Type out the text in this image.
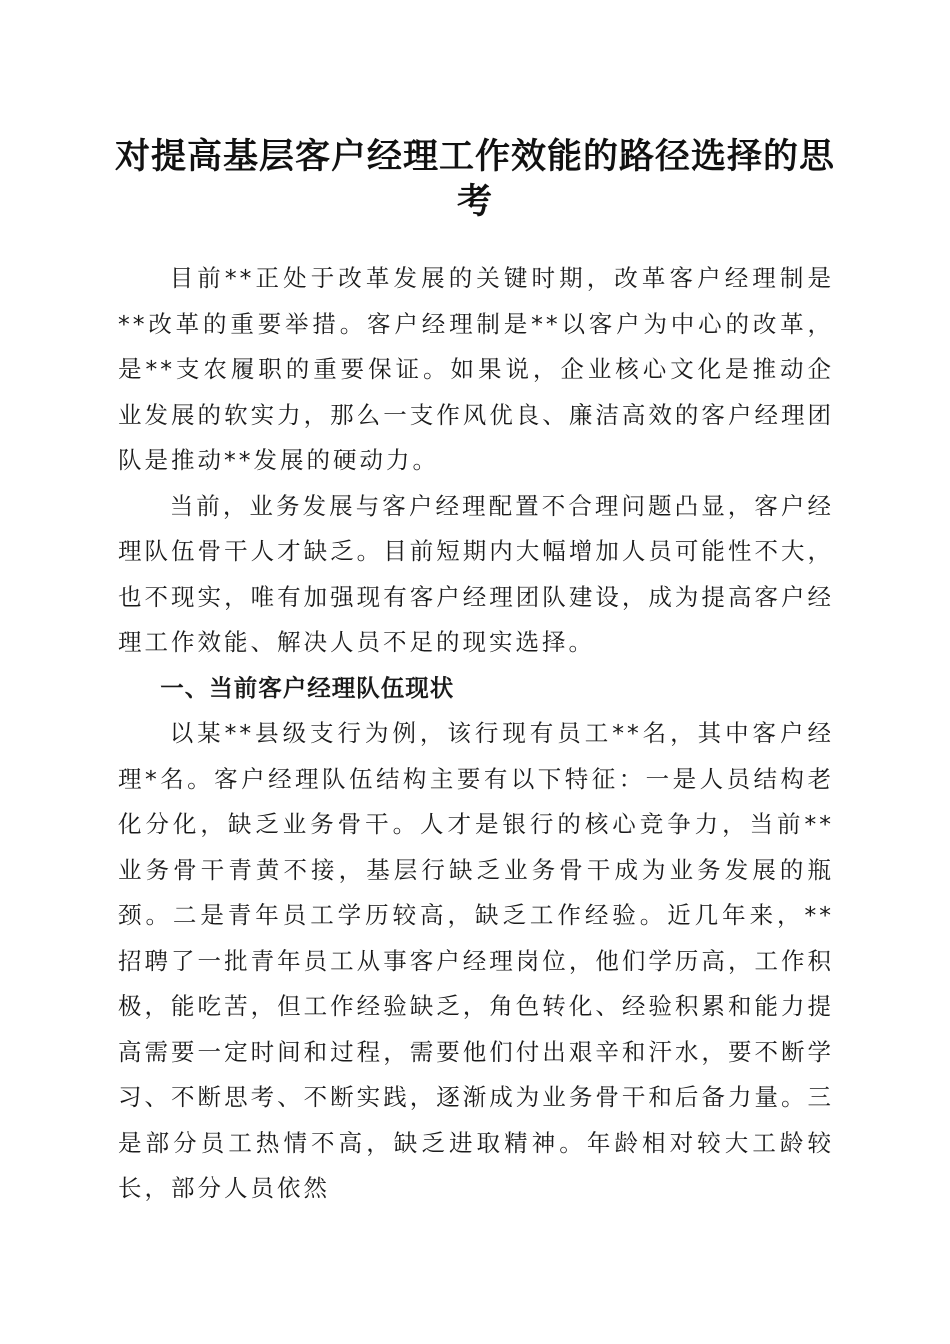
对提高基层客户经理工作效能的路径选择的思考

目前**正处于改革发展的关键时期，改革客户经理制是**改革的重要举措。客户经理制是**以客户为中心的改革，是**支农履职的重要保证。如果说，企业核心文化是推动企业发展的软实力，那么一支作风优良、廉洁高效的客户经理团队是推动**发展的硬动力。

当前，业务发展与客户经理配置不合理问题凸显，客户经理队伍骨干人才缺乏。目前短期内大幅增加人员可能性不大，也不现实，唯有加强现有客户经理团队建设，成为提高客户经理工作效能、解决人员不足的现实选择。

一、当前客户经理队伍现状

以某**县级支行为例，该行现有员工**名，其中客户经理*名。客户经理队伍结构主要有以下特征：一是人员结构老化分化，缺乏业务骨干。人才是银行的核心竞争力，当前**业务骨干青黄不接，基层行缺乏业务骨干成为业务发展的瓶颈。二是青年员工学历较高，缺乏工作经验。近几年来，**招聘了一批青年员工从事客户经理岗位，他们学历高，工作积极，能吃苦，但工作经验缺乏，角色转化、经验积累和能力提高需要一定时间和过程，需要他们付出艰辛和汗水，要不断学习、不断思考、不断实践，逐渐成为业务骨干和后备力量。三是部分员工热情不高，缺乏进取精神。年龄相对较大工龄较长，部分人员依然
